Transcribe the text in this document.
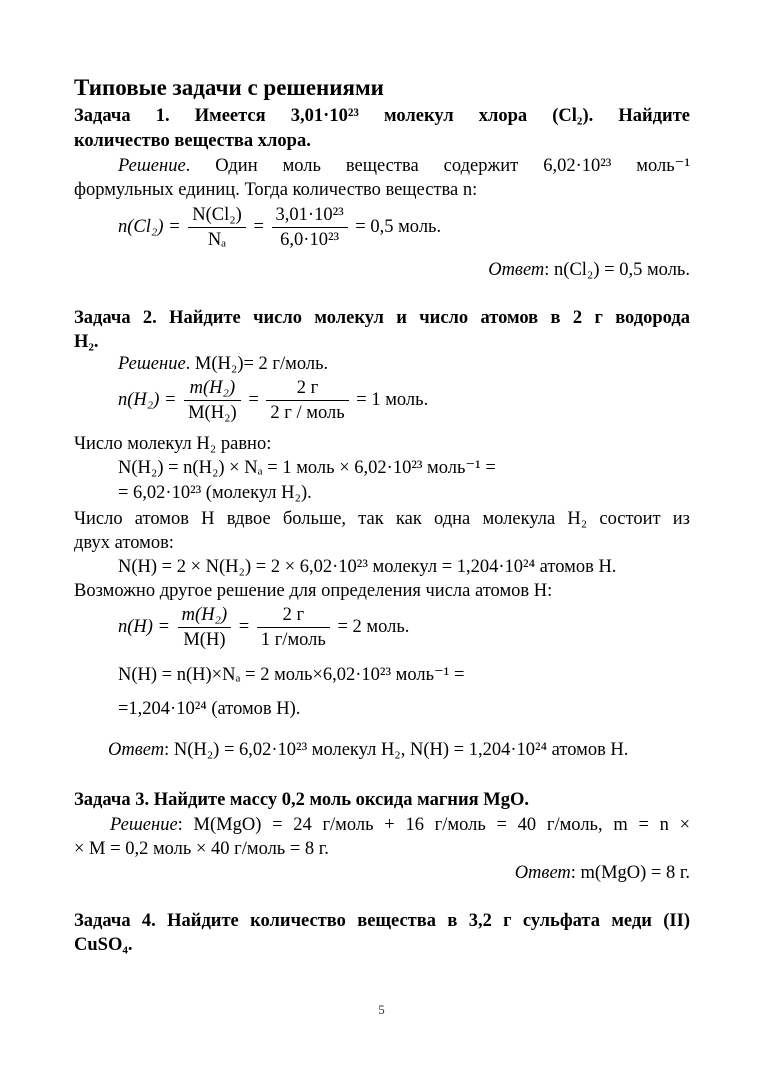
Типовые задачи с решениями
Задача 1. Имеется 3,01·10²³ молекул хлора (Cl₂). Найдите
количество вещества хлора.
Решение. Один моль вещества содержит 6,02·10²³ моль⁻¹
формульных единиц. Тогда количество вещества n:
$n(Cl_2) = \frac{\text{N(Cl₂)}}{\text{Nₐ}} = \frac{\text{3,01·10²³}}{\text{6,0·10²³}} = 0,5$ моль.
Ответ: n(Cl₂) = 0,5 моль.
Задача 2. Найдите число молекул и число атомов в 2 г водорода
H₂.
Решение. M(H₂)= 2 г/моль.
$n(H_2) = \frac{\text{m(H₂)}}{\text{M(H₂)}} = \frac{2 г}{\text{2 г / моль}} = 1$ моль.
Число молекул H₂ равно:
N(H₂) = n(H₂) × Nₐ = 1 моль × 6,02·10²³ моль⁻¹ =
= 6,02·10²³ (молекул H₂).
Число атомов H вдвое больше, так как одна молекула H₂ состоит из
двух атомов:
N(H) = 2 × N(H₂) = 2 × 6,02·10²³ молекул = 1,204·10²⁴ атомов H.
Возможно другое решение для определения числа атомов H:
$n(H) = \frac{\text{m(H₂)}}{M(H)} = \frac{2 г}{\text{1 г/моль}} = 2$ моль.
N(H) = n(H)×Nₐ = 2 моль×6,02·10²³ моль⁻¹ =
=1,204·10²⁴ (атомов H).
Ответ: N(H₂) = 6,02·10²³ молекул H₂, N(H) = 1,204·10²⁴ атомов H.
Задача 3. Найдите массу 0,2 моль оксида магния MgO.
Решение: M(MgO) = 24 г/моль + 16 г/моль = 40 г/моль, m = n ×
× M = 0,2 моль × 40 г/моль = 8 г.
Ответ: m(MgO) = 8 г.
Задача 4. Найдите количество вещества в 3,2 г сульфата меди (II)
CuSO₄.
5
